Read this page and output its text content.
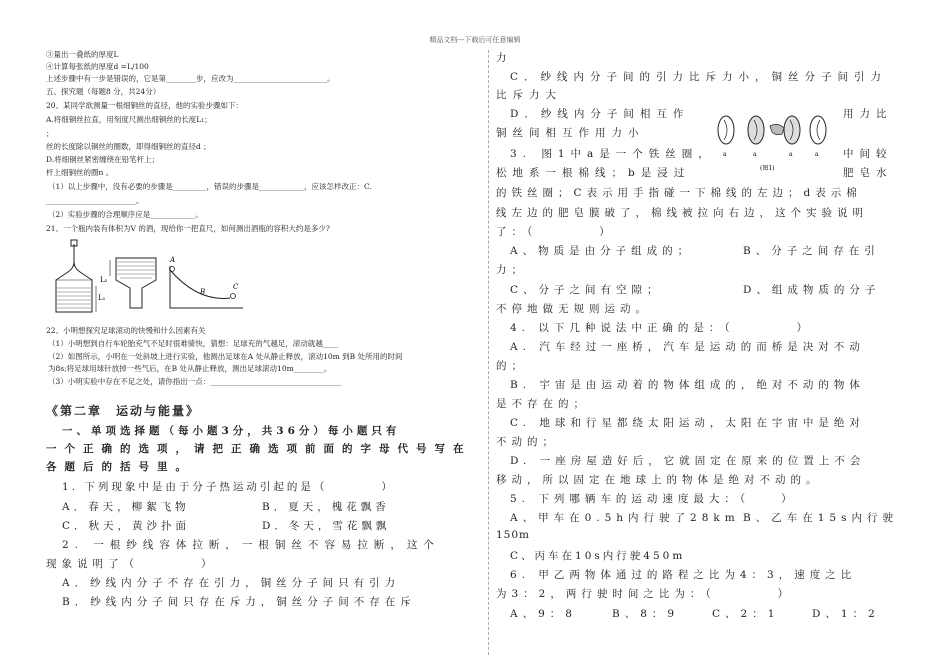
精品文档---下载后可任意编辑
③量出一叠纸的厚度L
④计算每张纸的厚度d =L/100
上述步骤中有一步是错误的，它是第________步，应改为_________________________。
五、探究题（每题8 分，共24分）
20、某同学欲测量一根细铜丝的直径，他的实验步骤如下：
A.将细铜丝拉直，用刻度尺测出细铜丝的长度L₁；
；
丝的长度除以铜丝的圈数，即得细铜丝的直径d ；
D.将细铜丝紧密缠绕在铅笔杆上；
杆上细铜丝的圈n 。
（1）以上步骤中，没有必要的步骤是_________，错误的步骤是____________，应该怎样改正：C.
________________________。
（2）实验步骤的合理顺序应是____________。
21、一个瓶内装有体积为V 的酒，现给你一把直尺，如何测出酒瓶的容积大约是多少?
L₁
L₂
A
B
C
22、小明想探究足球滚动的快慢和什么因素有关
（1）小明想到自行车轮胎充气不足时很难骑快，猜想：足球充的气越足，滚动就越____
（2）如图所示，小明在一处斜坡上进行实验，他测出足球在A 处从静止释放，滚动10m 到B 处所用的时间
为8s;将足球用球针放掉一些气后，在B 处从静止释放，测出足球滚动10m________。
（3）小明实验中存在不足之处，请你指出一点：___________________________________
《第二章　运动与能量》
一、单项选择题（每小题3分，共36分）每小题只有
一个正确的选项，请把正确选项前面的字母代号写在
各题后的括号里。
1. 下列现象中是由于分子热运动引起的是（　　　　）
A．春天，柳絮飞物	B．夏天，槐花飘香
C．秋天，黄沙扑面	D．冬天，雪花飘飘
2. 一根纱线容体拉断，一根铜丝不容易拉断，这个
现象说明了（　　　　）
A．纱线内分子不存在引力，铜丝分子间只有引力
B．纱线内分子间只存在斥力，铜丝分子间不存在斥
力
C．纱线内分子间的引力比斥力小，铜丝分子间引力
比斥力大
D．纱线内分子间相互作	用力比
铜丝间相互作用力小
3. 图1中a是一个铁丝圈，	中间较
松地系一根棉线；b是浸过	肥皂水
a	a	a	a
(图1)
的铁丝圈；C表示用手指碰一下棉线的左边；d表示棉
线左边的肥皂膜破了，棉线被拉向右边，这个实验说明
了：（　　　　）
A、物质是由分子组成的；	B、分子之间存在引
力；
C、分子之间有空隙；	D、组成物质的分子
不停地做无规则运动。
4. 以下几种说法中正确的是：（　　　　）
A. 汽车经过一座桥，汽车是运动的而桥是决对不动
的；
B. 宇宙是由运动着的物体组成的，绝对不动的物体
是不存在的；
C. 地球和行星都绕太阳运动，太阳在宇宙中是绝对
不动的；
D. 一座房屋造好后，它就固定在原来的位置上不会
移动，所以固定在地球上的物体是绝对不动的。
5. 下列哪辆车的运动速度最大：（　　）
A、甲车在0.5h内行驶了28km B、乙车在15s内行驶
150m
C、丙车在10s内行驶450m
6. 甲乙两物体通过的路程之比为4：3，速度之比
为3：2，两行驶时间之比为：（　　　　）
A、9：8	B、8：9	C、2：1	D、1：2
